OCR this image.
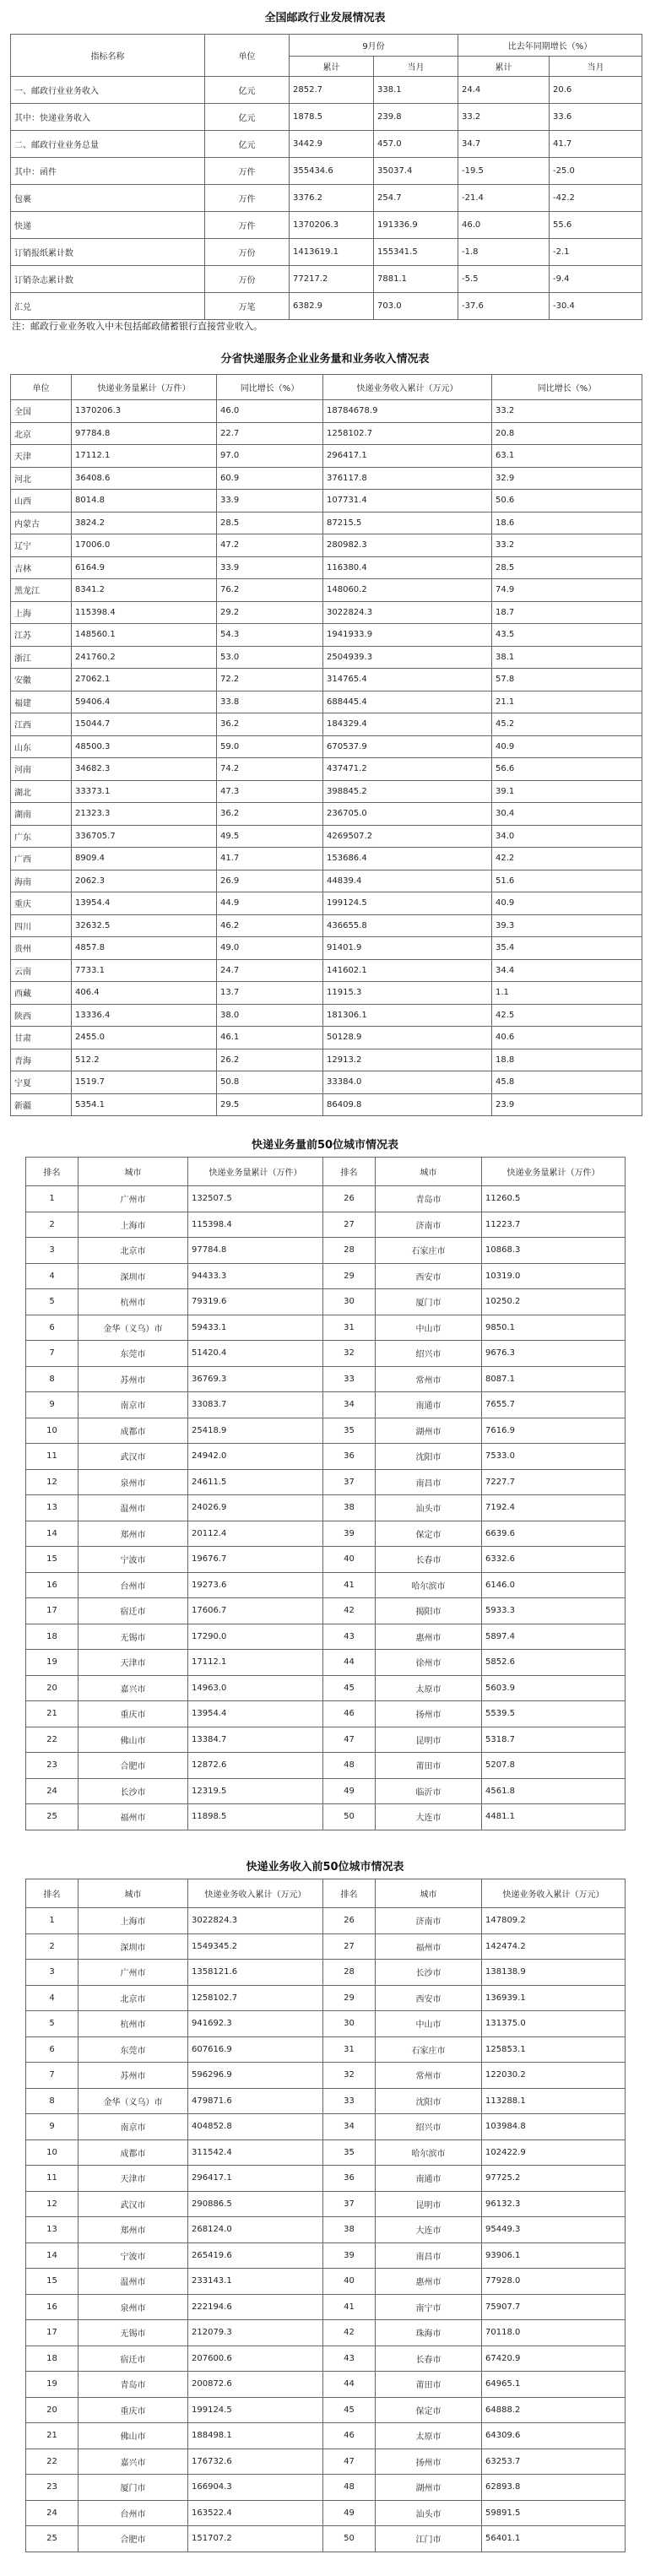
全国邮政行业发展情况表
指标名称	单位	9月份		比去年同期增长（%）	
		累计	当月	累计	当月
一、邮政行业业务收入	亿元	2852.7	338.1	24.4	20.6
其中：快递业务收入	亿元	1878.5	239.8	33.2	33.6
二、邮政行业业务总量	亿元	3442.9	457.0	34.7	41.7
其中：函件	万件	355434.6	35037.4	-19.5	-25.0
包裹	万件	3376.2	254.7	-21.4	-42.2
快递	万件	1370206.3	191336.9	46.0	55.6
订销报纸累计数	万份	1413619.1	155341.5	-1.8	-2.1
订销杂志累计数	万份	77217.2	7881.1	-5.5	-9.4
汇兑	万笔	6382.9	703.0	-37.6	-30.4
注：邮政行业业务收入中未包括邮政储蓄银行直接营业收入。
分省快递服务企业业务量和业务收入情况表
单位	快递业务量累计（万件）	同比增长（%）	快递业务收入累计（万元）	同比增长（%）
全国	1370206.3	46.0	18784678.9	33.2
北京	97784.8	22.7	1258102.7	20.8
天津	17112.1	97.0	296417.1	63.1
河北	36408.6	60.9	376117.8	32.9
山西	8014.8	33.9	107731.4	50.6
内蒙古	3824.2	28.5	87215.5	18.6
辽宁	17006.0	47.2	280982.3	33.2
吉林	6164.9	33.9	116380.4	28.5
黑龙江	8341.2	76.2	148060.2	74.9
上海	115398.4	29.2	3022824.3	18.7
江苏	148560.1	54.3	1941933.9	43.5
浙江	241760.2	53.0	2504939.3	38.1
安徽	27062.1	72.2	314765.4	57.8
福建	59406.4	33.8	688445.4	21.1
江西	15044.7	36.2	184329.4	45.2
山东	48500.3	59.0	670537.9	40.9
河南	34682.3	74.2	437471.2	56.6
湖北	33373.1	47.3	398845.2	39.1
湖南	21323.3	36.2	236705.0	30.4
广东	336705.7	49.5	4269507.2	34.0
广西	8909.4	41.7	153686.4	42.2
海南	2062.3	26.9	44839.4	51.6
重庆	13954.4	44.9	199124.5	40.9
四川	32632.5	46.2	436655.8	39.3
贵州	4857.8	49.0	91401.9	35.4
云南	7733.1	24.7	141602.1	34.4
西藏	406.4	13.7	11915.3	1.1
陕西	13336.4	38.0	181306.1	42.5
甘肃	2455.0	46.1	50128.9	40.6
青海	512.2	26.2	12913.2	18.8
宁夏	1519.7	50.8	33384.0	45.8
新疆	5354.1	29.5	86409.8	23.9
快递业务量前50位城市情况表
排名	城市	快递业务量累计（万件）	排名	城市	快递业务量累计（万件）
1	广州市	132507.5	26	青岛市	11260.5
2	上海市	115398.4	27	济南市	11223.7
3	北京市	97784.8	28	石家庄市	10868.3
4	深圳市	94433.3	29	西安市	10319.0
5	杭州市	79319.6	30	厦门市	10250.2
6	金华（义乌）市	59433.1	31	中山市	9850.1
7	东莞市	51420.4	32	绍兴市	9676.3
8	苏州市	36769.3	33	常州市	8087.1
9	南京市	33083.7	34	南通市	7655.7
10	成都市	25418.9	35	湖州市	7616.9
11	武汉市	24942.0	36	沈阳市	7533.0
12	泉州市	24611.5	37	南昌市	7227.7
13	温州市	24026.9	38	汕头市	7192.4
14	郑州市	20112.4	39	保定市	6639.6
15	宁波市	19676.7	40	长春市	6332.6
16	台州市	19273.6	41	哈尔滨市	6146.0
17	宿迁市	17606.7	42	揭阳市	5933.3
18	无锡市	17290.0	43	惠州市	5897.4
19	天津市	17112.1	44	徐州市	5852.6
20	嘉兴市	14963.0	45	太原市	5603.9
21	重庆市	13954.4	46	扬州市	5539.5
22	佛山市	13384.7	47	昆明市	5318.7
23	合肥市	12872.6	48	莆田市	5207.8
24	长沙市	12319.5	49	临沂市	4561.8
25	福州市	11898.5	50	大连市	4481.1
快递业务收入前50位城市情况表
排名	城市	快递业务收入累计（万元）	排名	城市	快递业务收入累计（万元）
1	上海市	3022824.3	26	济南市	147809.2
2	深圳市	1549345.2	27	福州市	142474.2
3	广州市	1358121.6	28	长沙市	138138.9
4	北京市	1258102.7	29	西安市	136939.1
5	杭州市	941692.3	30	中山市	131375.0
6	东莞市	607616.9	31	石家庄市	125853.1
7	苏州市	596296.9	32	常州市	122030.2
8	金华（义乌）市	479871.6	33	沈阳市	113288.1
9	南京市	404852.8	34	绍兴市	103984.8
10	成都市	311542.4	35	哈尔滨市	102422.9
11	天津市	296417.1	36	南通市	97725.2
12	武汉市	290886.5	37	昆明市	96132.3
13	郑州市	268124.0	38	大连市	95449.3
14	宁波市	265419.6	39	南昌市	93906.1
15	温州市	233143.1	40	惠州市	77928.0
16	泉州市	222194.6	41	南宁市	75907.7
17	无锡市	212079.3	42	珠海市	70118.0
18	宿迁市	207600.6	43	长春市	67420.9
19	青岛市	200872.6	44	莆田市	64965.1
20	重庆市	199124.5	45	保定市	64888.2
21	佛山市	188498.1	46	太原市	64309.6
22	嘉兴市	176732.6	47	扬州市	63253.7
23	厦门市	166904.3	48	湖州市	62893.8
24	台州市	163522.4	49	汕头市	59891.5
25	合肥市	151707.2	50	江门市	56401.1
